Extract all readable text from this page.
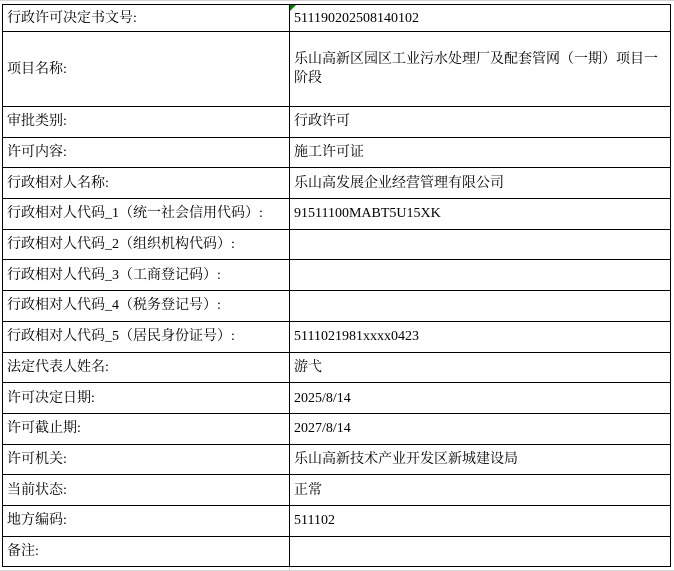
行政许可决定书文号:	511190202508140102
项目名称:	乐山高新区园区工业污水处理厂及配套管网（一期）项目一阶段
审批类别:	行政许可
许可内容:	施工许可证
行政相对人名称:	乐山高发展企业经营管理有限公司
行政相对人代码_1（统一社会信用代码）:	91511100MABT5U15XK
行政相对人代码_2（组织机构代码）:	
行政相对人代码_3（工商登记码）:	
行政相对人代码_4（税务登记号）:	
行政相对人代码_5（居民身份证号）:	5111021981xxxx0423
法定代表人姓名:	游弋
许可决定日期:	2025/8/14
许可截止期:	2027/8/14
许可机关:	乐山高新技术产业开发区新城建设局
当前状态:	正常
地方编码:	511102
备注:	
